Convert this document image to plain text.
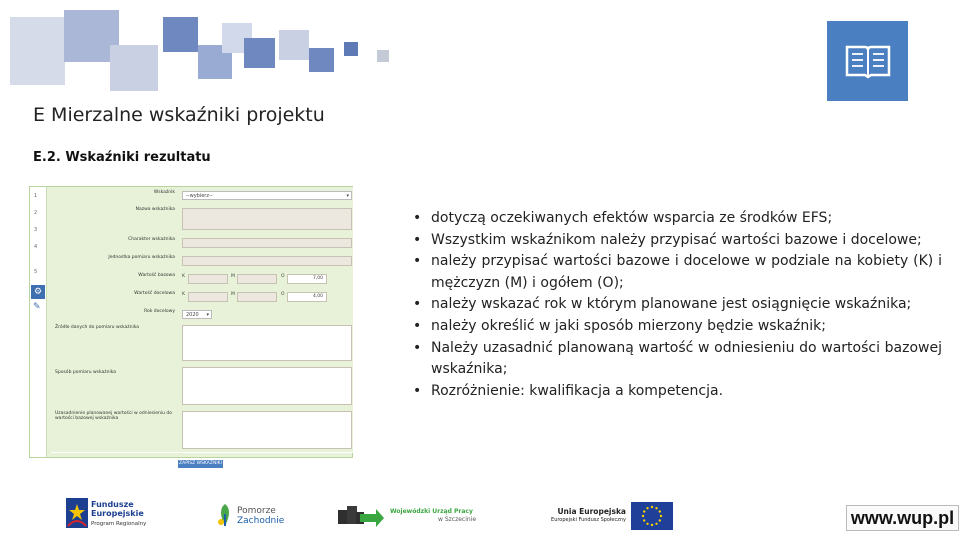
E Mierzalne wskaźniki projektu
E.2. Wskaźniki rezultatu
1
2
3
4
5
⚙
✎
Wskaźnik
--wybierz--	▾
Nazwa wskaźnika
Charakter wskaźnika
Jednostka pomiaru wskaźnika
Wartość bazowa K	M	O	7,00
Wartość docelowa K	M	O	4,00
Rok docelowy
2020 ▾
Źródło danych do pomiaru wskaźnika
Sposób pomiaru wskaźnika
Uzasadnienie planowanej wartości w odniesieniu do wartości bazowej wskaźnika
ZAPISZ WSKAŹNIKI
• dotyczą oczekiwanych efektów wsparcia ze środków EFS;
• Wszystkim wskaźnikom należy przypisać wartości bazowe i docelowe;
• należy przypisać wartości bazowe i docelowe w podziale na kobiety (K) i mężczyzn (M) i ogółem (O);
• należy wskazać rok w którym planowane jest osiągnięcie wskaźnika;
• należy określić w jaki sposób mierzony będzie wskaźnik;
• Należy uzasadnić planowaną wartość w odniesieniu do wartości bazowej wskaźnika;
• Rozróżnienie: kwalifikacja a kompetencja.
Fundusze
Europejskie
Program Regionalny
Pomorze
Zachodnie
Wojewódzki Urząd Pracy
w Szczecinie
Unia Europejska
Europejski Fundusz Społeczny	www.wup.pl
